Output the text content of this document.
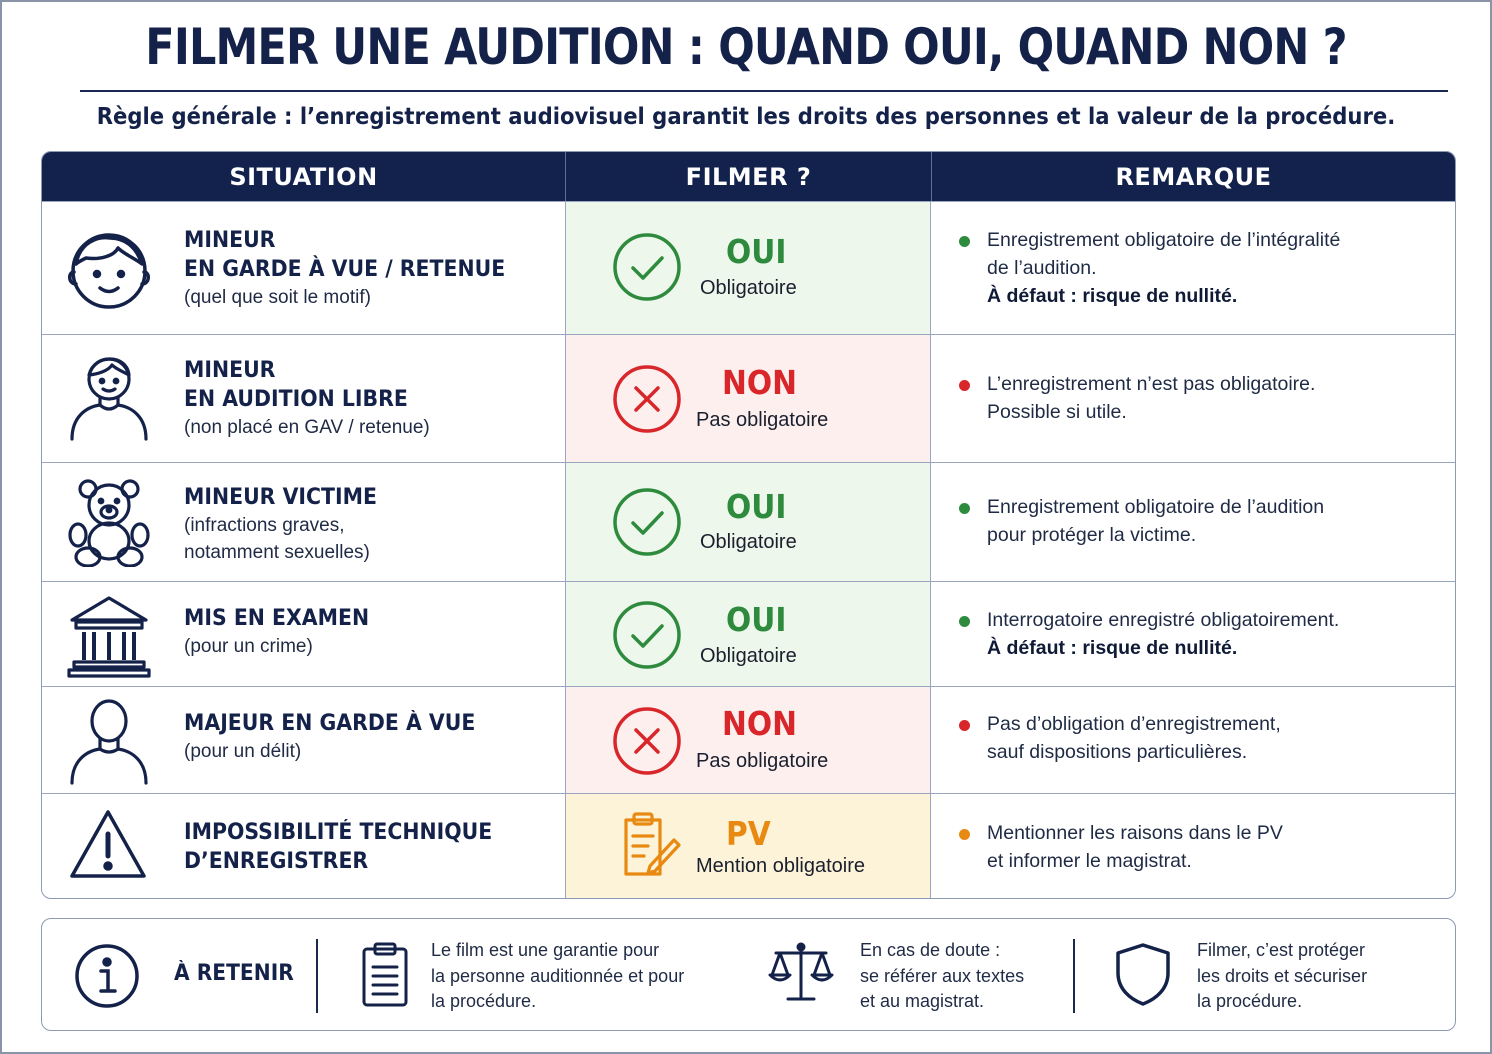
FILMER UNE AUDITION : QUAND OUI, QUAND NON ?
Règle générale : l’enregistrement audiovisuel garantit les droits des personnes et la valeur de la procédure.
SITUATION	FILMER ?	REMARQUE
MINEUR
EN GARDE À VUE / RETENUE
(quel que soit le motif)
OUI
Obligatoire
Enregistrement obligatoire de l’intégralité
de l’audition.
À défaut : risque de nullité.
MINEUR
EN AUDITION LIBRE
(non placé en GAV / retenue)
NON
Pas obligatoire
L’enregistrement n’est pas obligatoire.
Possible si utile.
MINEUR VICTIME
(infractions graves,
notamment sexuelles)
OUI
Obligatoire
Enregistrement obligatoire de l’audition
pour protéger la victime.
MIS EN EXAMEN
(pour un crime)
OUI
Obligatoire
Interrogatoire enregistré obligatoirement.
À défaut : risque de nullité.
MAJEUR EN GARDE À VUE
(pour un délit)
NON
Pas obligatoire
Pas d’obligation d’enregistrement,
sauf dispositions particulières.
IMPOSSIBILITÉ TECHNIQUE
D’ENREGISTRER
PV
Mention obligatoire
Mentionner les raisons dans le PV
et informer le magistrat.
À RETENIR
Le film est une garantie pour
la personne auditionnée et pour
la procédure.
En cas de doute :
se référer aux textes
et au magistrat.
Filmer, c’est protéger
les droits et sécuriser
la procédure.
